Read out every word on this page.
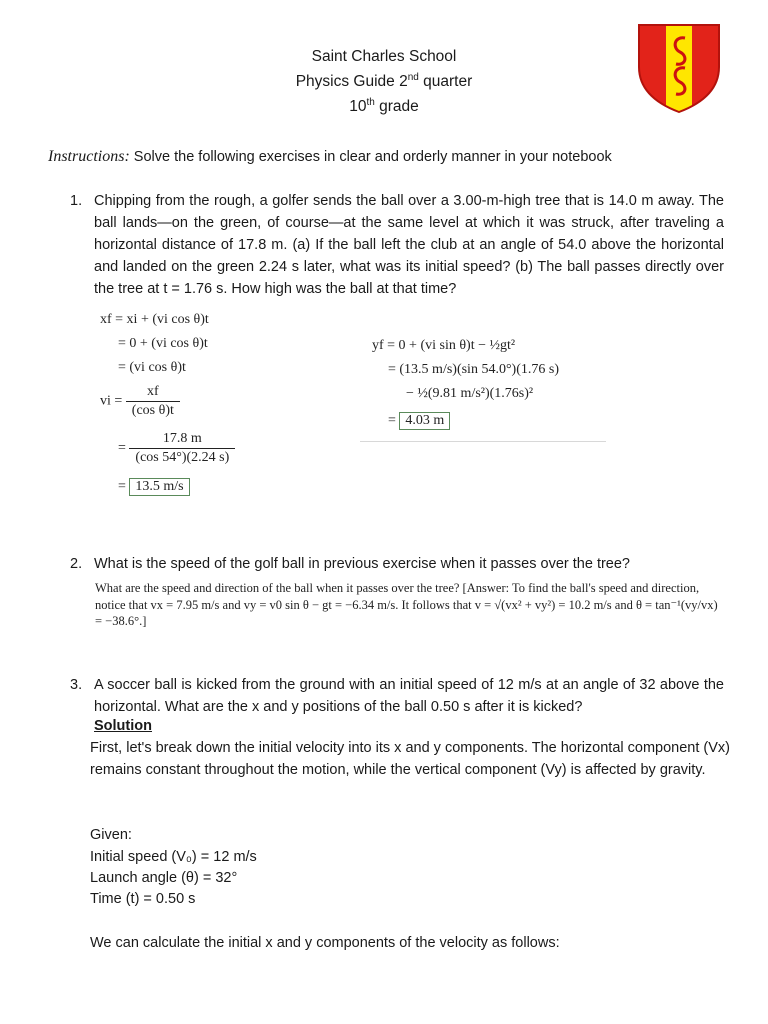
Saint Charles School
Physics Guide 2nd quarter
10th grade
Instructions: Solve the following exercises in clear and orderly manner in your notebook
1. Chipping from the rough, a golfer sends the ball over a 3.00-m-high tree that is 14.0 m away. The ball lands—on the green, of course—at the same level at which it was struck, after traveling a horizontal distance of 17.8 m. (a) If the ball left the club at an angle of 54.0 above the horizontal and landed on the green 2.24 s later, what was its initial speed? (b) The ball passes directly over the tree at t = 1.76 s. How high was the ball at that time?
xf = xi + (vi cos θ)t
= 0 + (vi cos θ)t
= (vi cos θ)t
vi = $\frac{xf}{\text{(cos θ)t}}$
= $\frac{17.8 m}{(\cos 54^\circ)(2.24 s)}$
= 13.5 m/s
yf = 0 + (vi sin θ)t − ½gt²
= (13.5 m/s)(sin 54.0°)(1.76 s)
− ½(9.81 m/s²)(1.76s)²
= 4.03 m
2. What is the speed of the golf ball in previous exercise when it passes over the tree?
What are the speed and direction of the ball when it passes over the tree? [Answer: To find the ball's speed and direction, notice that vx = 7.95 m/s and vy = v0 sin θ − gt = −6.34 m/s. It follows that v = √(vx² + vy²) = 10.2 m/s and θ = tan⁻¹(vy/vx) = −38.6°.]
3. A soccer ball is kicked from the ground with an initial speed of 12 m/s at an angle of 32 above the horizontal. What are the x and y positions of the ball 0.50 s after it is kicked?
Solution
First, let's break down the initial velocity into its x and y components. The horizontal component (Vx) remains constant throughout the motion, while the vertical component (Vy) is affected by gravity.
Given:
Initial speed (V₀) = 12 m/s
Launch angle (θ) = 32°
Time (t) = 0.50 s
We can calculate the initial x and y components of the velocity as follows:
